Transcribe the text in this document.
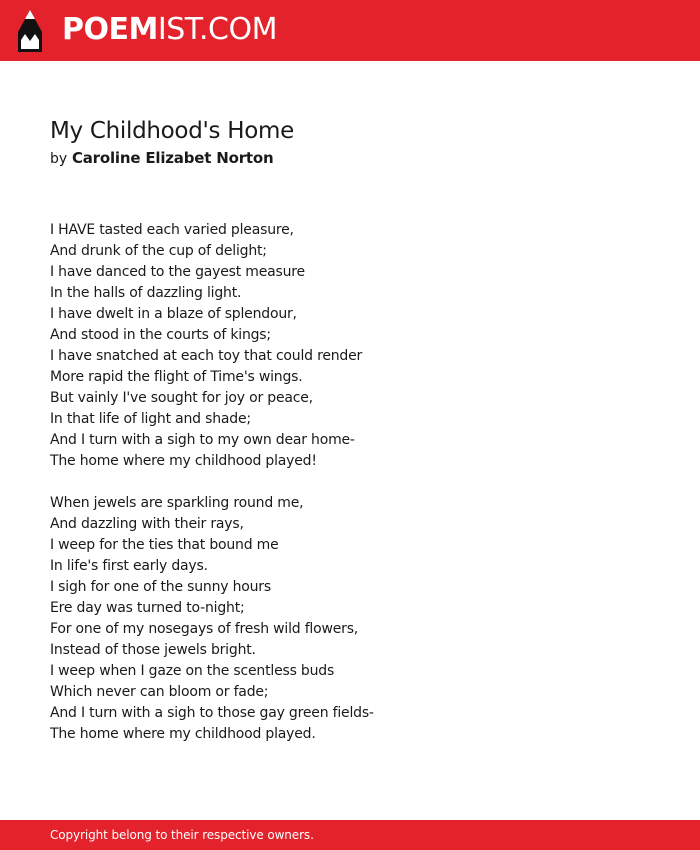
POEMIST.COM
My Childhood's Home

by Caroline Elizabet Norton

I HAVE tasted each varied pleasure,
And drunk of the cup of delight;
I have danced to the gayest measure
In the halls of dazzling light.
I have dwelt in a blaze of splendour,
And stood in the courts of kings;
I have snatched at each toy that could render
More rapid the flight of Time's wings.
But vainly I've sought for joy or peace,
In that life of light and shade;
And I turn with a sigh to my own dear home-
The home where my childhood played!
When jewels are sparkling round me,
And dazzling with their rays,
I weep for the ties that bound me
In life's first early days.
I sigh for one of the sunny hours
Ere day was turned to-night;
For one of my nosegays of fresh wild flowers,
Instead of those jewels bright.
I weep when I gaze on the scentless buds
Which never can bloom or fade;
And I turn with a sigh to those gay green fields-
The home where my childhood played.
Copyright belong to their respective owners.
